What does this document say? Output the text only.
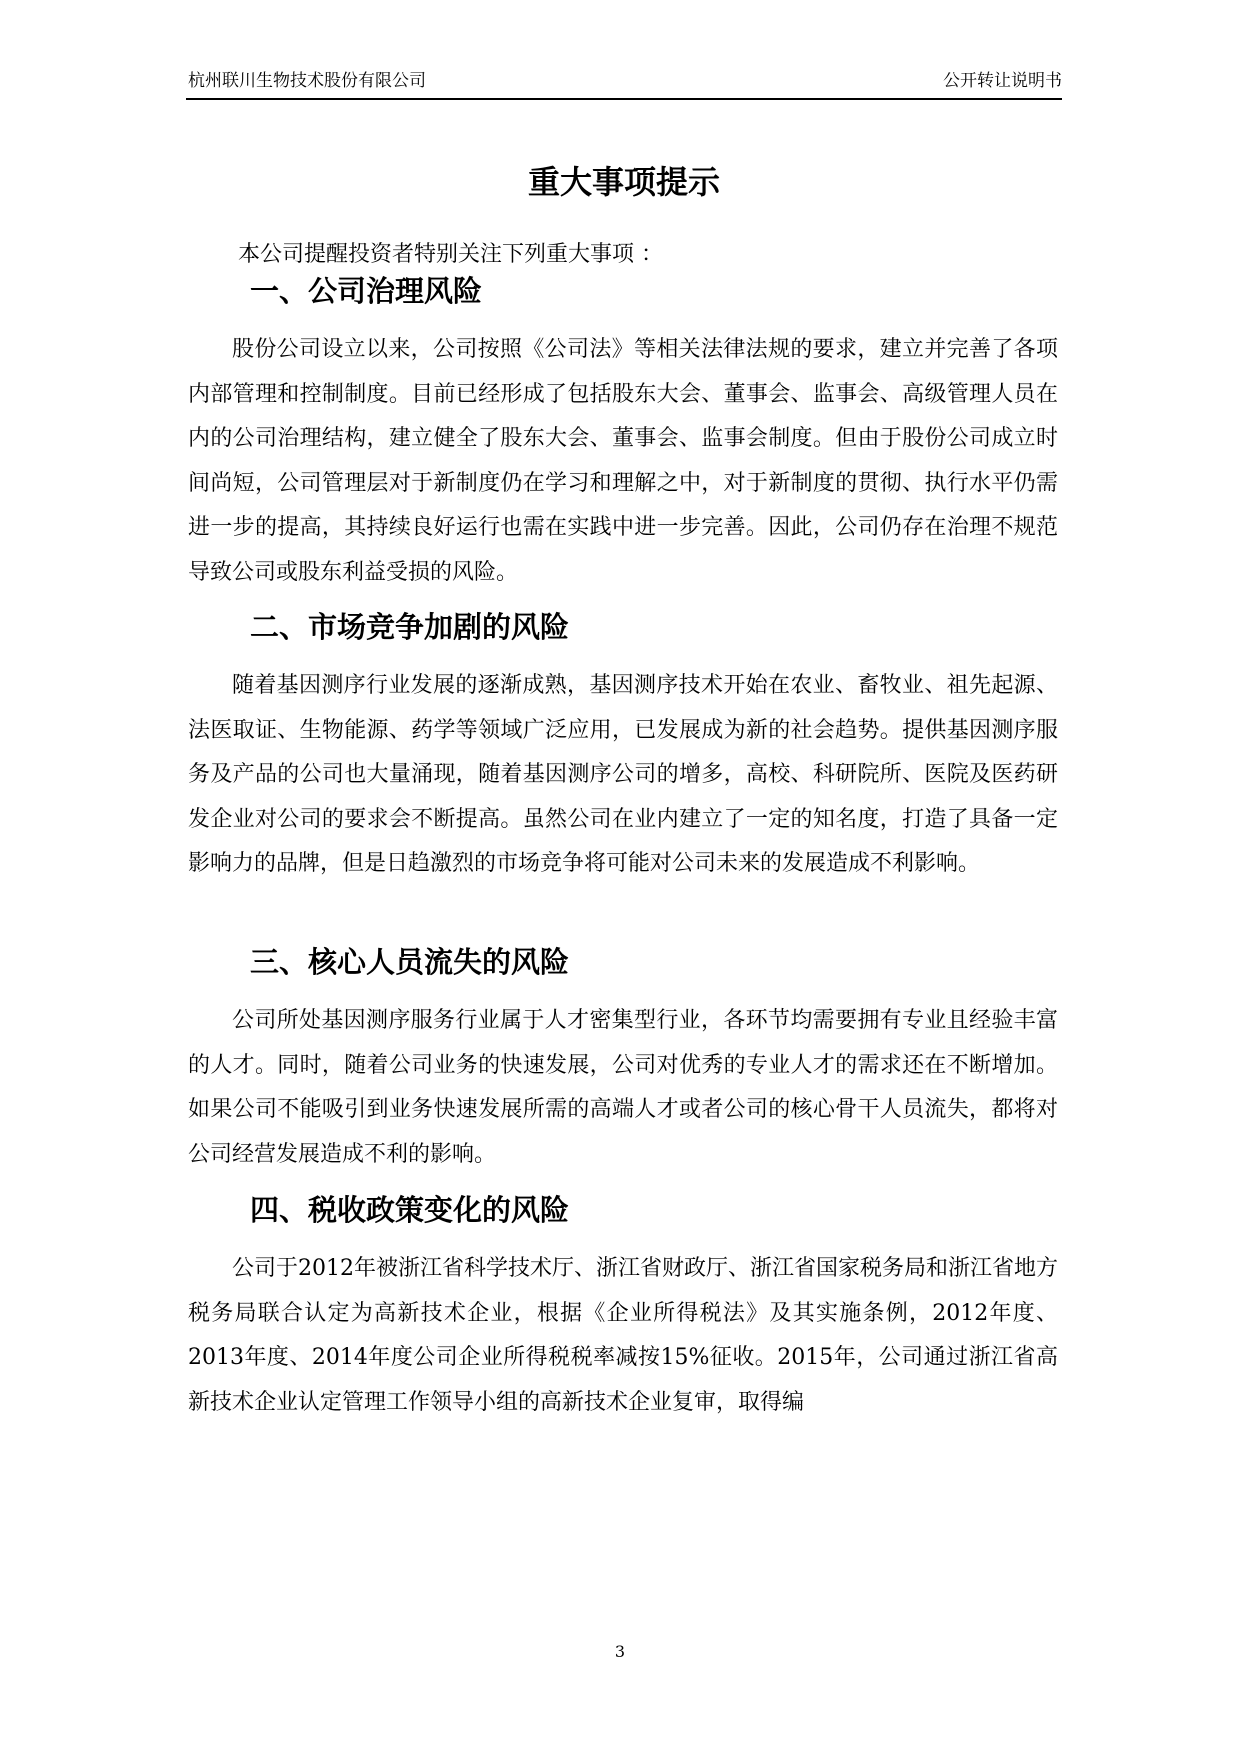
杭州联川生物技术股份有限公司	公开转让说明书
重大事项提示

本公司提醒投资者特别关注下列重大事项 ：

一、公司治理风险

股份公司设立以来，公司按照《公司法》等相关法律法规的要求，建立并完善了各项内部管理和控制制度。目前已经形成了包括股东大会、董事会、监事会、高级管理人员在内的公司治理结构，建立健全了股东大会、董事会、监事会制度。但由于股份公司成立时间尚短，公司管理层对于新制度仍在学习和理解之中，对于新制度的贯彻、执行水平仍需进一步的提高，其持续良好运行也需在实践中进一步完善。因此，公司仍存在治理不规范导致公司或股东利益受损的风险。

二、市场竞争加剧的风险

随着基因测序行业发展的逐渐成熟，基因测序技术开始在农业、畜牧业、祖先起源、法医取证、生物能源、药学等领域广泛应用，已发展成为新的社会趋势。提供基因测序服务及产品的公司也大量涌现，随着基因测序公司的增多，高校、科研院所、医院及医药研发企业对公司的要求会不断提高。虽然公司在业内建立了一定的知名度，打造了具备一定影响力的品牌，但是日趋激烈的市场竞争将可能对公司未来的发展造成不利影响。

三、核心人员流失的风险

公司所处基因测序服务行业属于人才密集型行业，各环节均需要拥有专业且经验丰富的人才。同时，随着公司业务的快速发展，公司对优秀的专业人才的需求还在不断增加。如果公司不能吸引到业务快速发展所需的高端人才或者公司的核心骨干人员流失，都将对公司经营发展造成不利的影响。

四、税收政策变化的风险

公司于2012年被浙江省科学技术厅、浙江省财政厅、浙江省国家税务局和浙江省地方税务局联合认定为高新技术企业，根据《企业所得税法》及其实施条例，2012年度、2013年度、2014年度公司企业所得税税率减按15%征收。2015年，公司通过浙江省高新技术企业认定管理工作领导小组的高新技术企业复审，取得编

3
